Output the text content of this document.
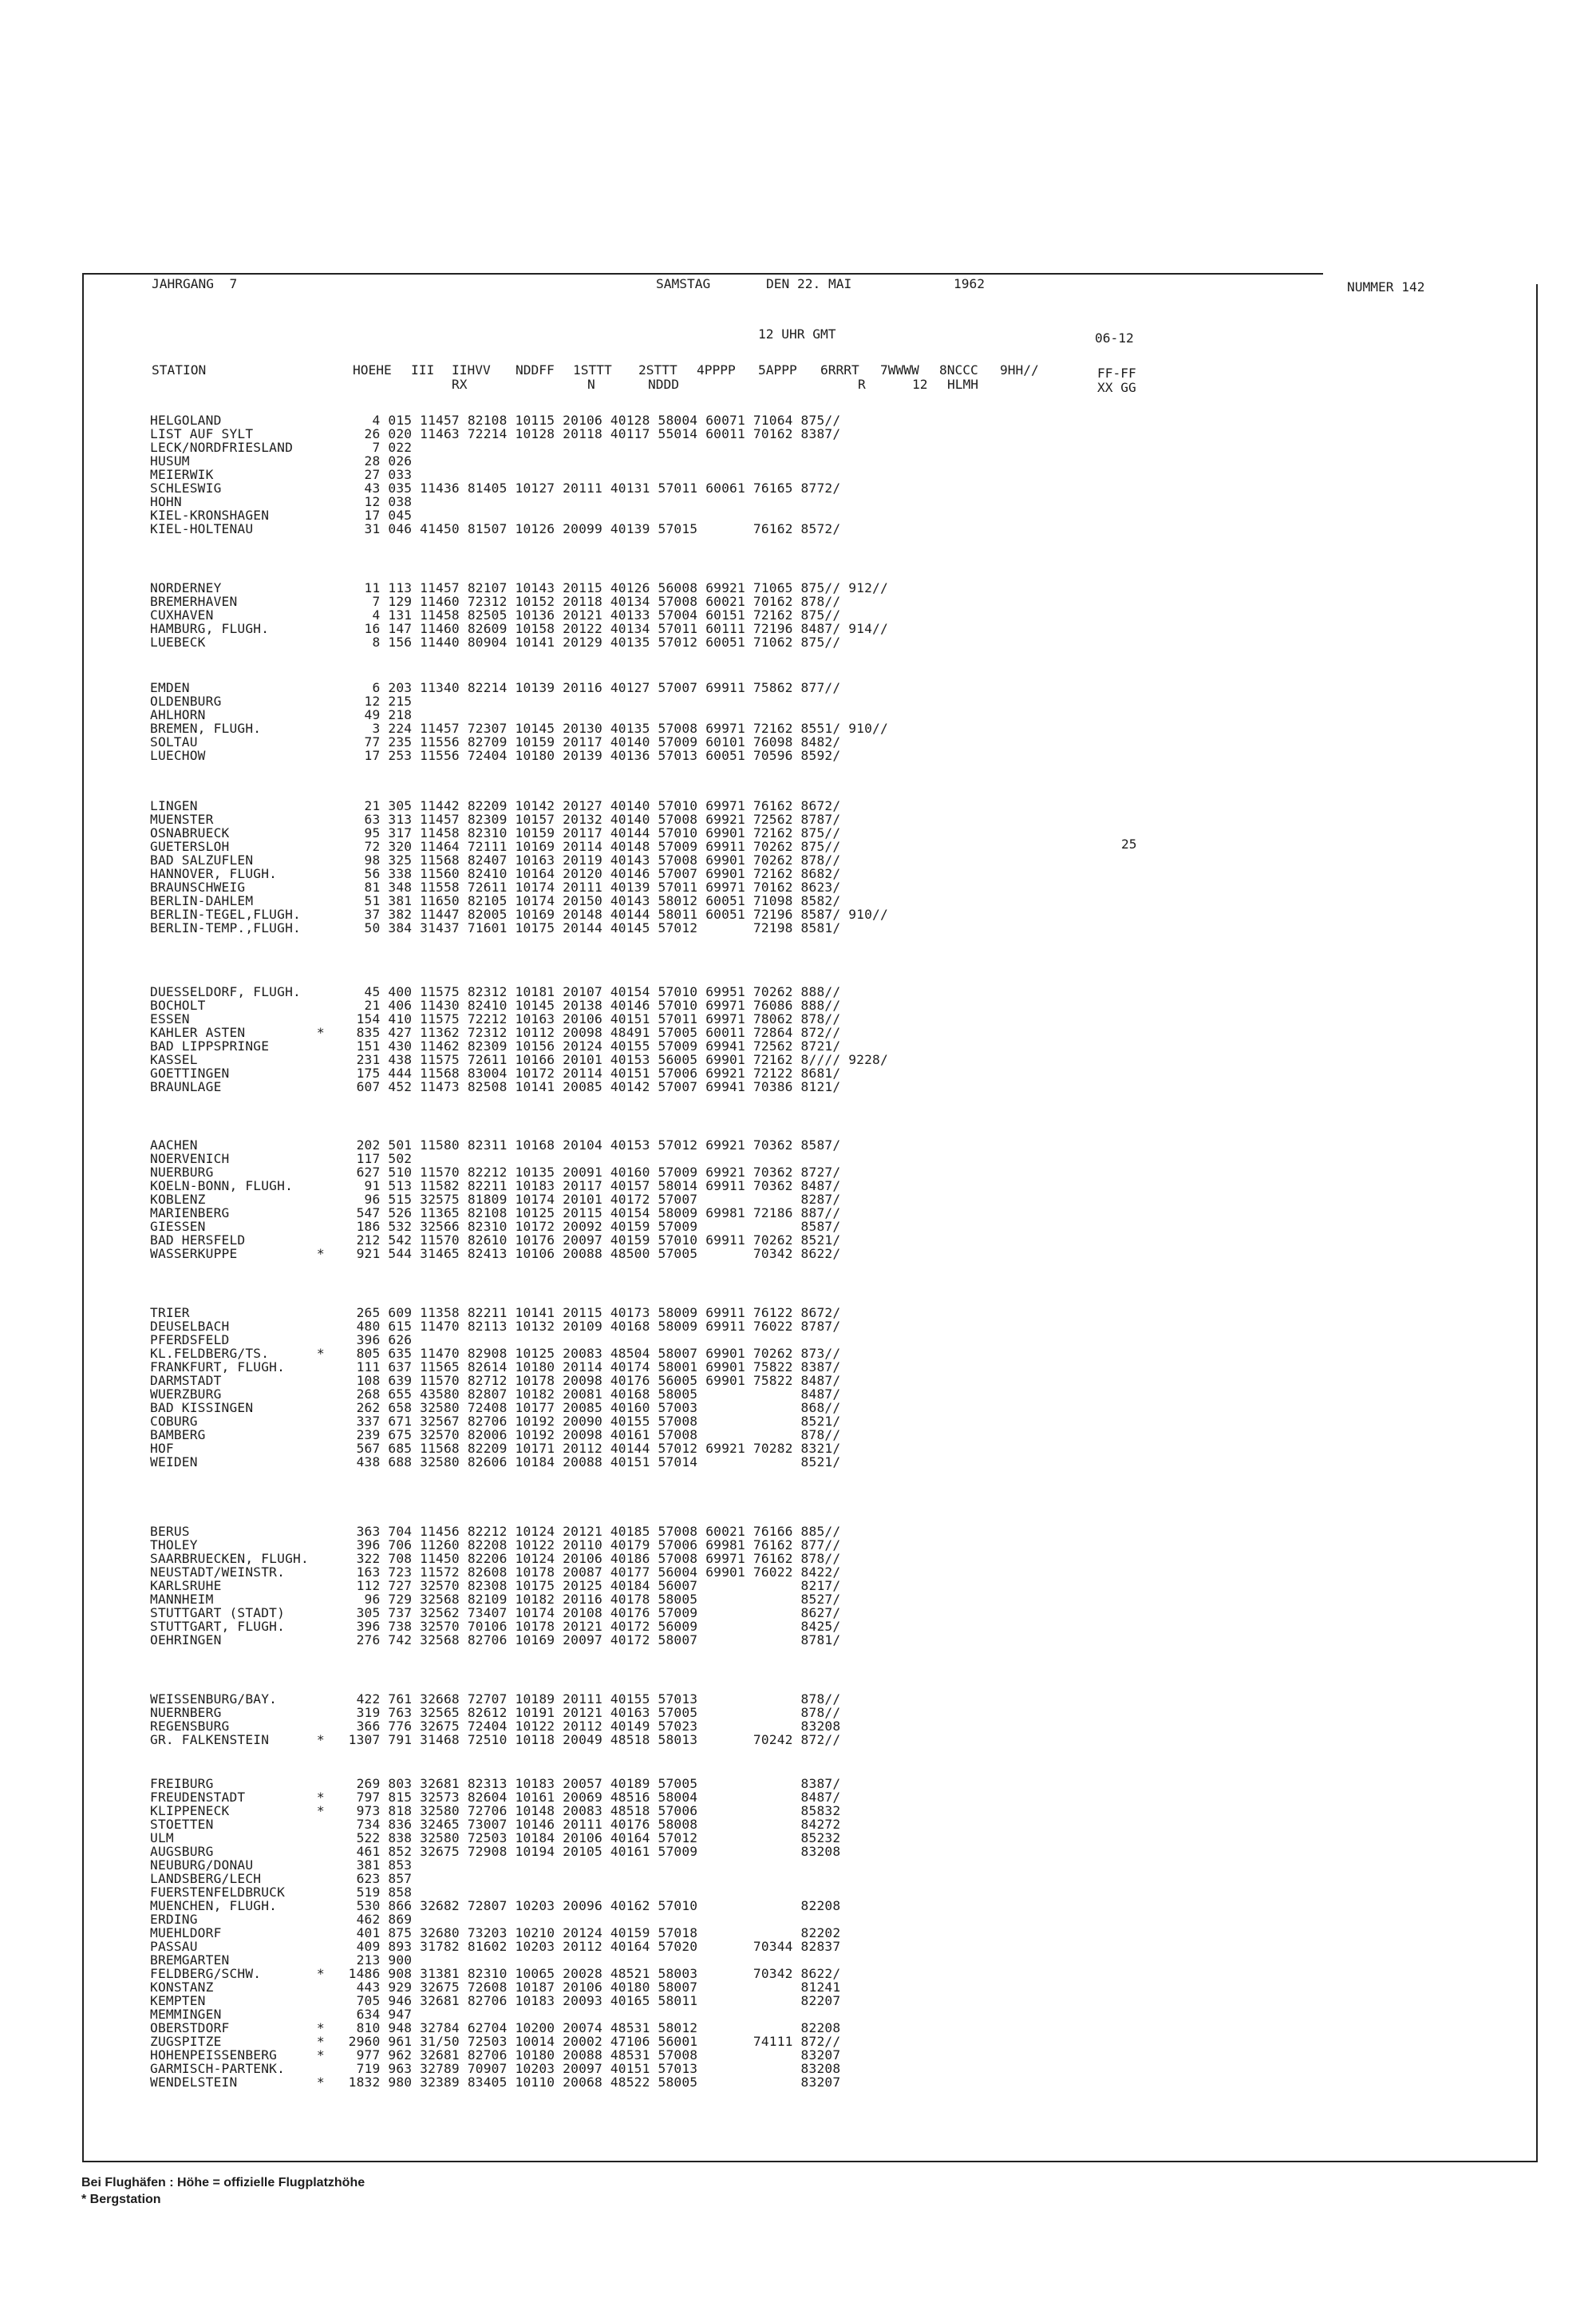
JAHRGANG  7	SAMSTAG	DEN 22. MAI	1962	NUMMER 142
12 UHR GMT	06-12
STATION	HOEHE III IIHVV NDDFF 1STTT 2STTT 4PPPP 5APPP 6RRRT 7WWWW 8NCCC 9HH//	FF-FF
RX	N	NDDD	R	12 HLMH	XX GG
HELGOLAND                   4 015 11457 82108 10115 20106 40128 58004 60071 71064 875//
LIST AUF SYLT              26 020 11463 72214 10128 20118 40117 55014 60011 70162 8387/
LECK/NORDFRIESLAND          7 022
HUSUM                      28 026
MEIERWIK                   27 033
SCHLESWIG                  43 035 11436 81405 10127 20111 40131 57011 60061 76165 8772/
HOHN                       12 038
KIEL-KRONSHAGEN            17 045
KIEL-HOLTENAU              31 046 41450 81507 10126 20099 40139 57015       76162 8572/
NORDERNEY                  11 113 11457 82107 10143 20115 40126 56008 69921 71065 875// 912//
BREMERHAVEN                 7 129 11460 72312 10152 20118 40134 57008 60021 70162 878//
CUXHAVEN                    4 131 11458 82505 10136 20121 40133 57004 60151 72162 875//
HAMBURG, FLUGH.            16 147 11460 82609 10158 20122 40134 57011 60111 72196 8487/ 914//
LUEBECK                     8 156 11440 80904 10141 20129 40135 57012 60051 71062 875//
EMDEN                       6 203 11340 82214 10139 20116 40127 57007 69911 75862 877//
OLDENBURG                  12 215
AHLHORN                    49 218
BREMEN, FLUGH.              3 224 11457 72307 10145 20130 40135 57008 69971 72162 8551/ 910//
SOLTAU                     77 235 11556 82709 10159 20117 40140 57009 60101 76098 8482/
LUECHOW                    17 253 11556 72404 10180 20139 40136 57013 60051 70596 8592/
LINGEN                     21 305 11442 82209 10142 20127 40140 57010 69971 76162 8672/
MUENSTER                   63 313 11457 82309 10157 20132 40140 57008 69921 72562 8787/
OSNABRUECK                 95 317 11458 82310 10159 20117 40144 57010 69901 72162 875//
GUETERSLOH                 72 320 11464 72111 10169 20114 40148 57009 69911 70262 875//
BAD SALZUFLEN              98 325 11568 82407 10163 20119 40143 57008 69901 70262 878//
HANNOVER, FLUGH.           56 338 11560 82410 10164 20120 40146 57007 69901 72162 8682/
BRAUNSCHWEIG               81 348 11558 72611 10174 20111 40139 57011 69971 70162 8623/
BERLIN-DAHLEM              51 381 11650 82105 10174 20150 40143 58012 60051 71098 8582/
BERLIN-TEGEL,FLUGH.        37 382 11447 82005 10169 20148 40144 58011 60051 72196 8587/ 910//
BERLIN-TEMP.,FLUGH.        50 384 31437 71601 10175 20144 40145 57012       72198 8581/
DUESSELDORF, FLUGH.        45 400 11575 82312 10181 20107 40154 57010 69951 70262 888//
BOCHOLT                    21 406 11430 82410 10145 20138 40146 57010 69971 76086 888//
ESSEN                     154 410 11575 72212 10163 20106 40151 57011 69971 78062 878//
KAHLER ASTEN         *    835 427 11362 72312 10112 20098 48491 57005 60011 72864 872//
BAD LIPPSPRINGE           151 430 11462 82309 10156 20124 40155 57009 69941 72562 8721/
KASSEL                    231 438 11575 72611 10166 20101 40153 56005 69901 72162 8//// 9228/
GOETTINGEN                175 444 11568 83004 10172 20114 40151 57006 69921 72122 8681/
BRAUNLAGE                 607 452 11473 82508 10141 20085 40142 57007 69941 70386 8121/
AACHEN                    202 501 11580 82311 10168 20104 40153 57012 69921 70362 8587/
NOERVENICH                117 502
NUERBURG                  627 510 11570 82212 10135 20091 40160 57009 69921 70362 8727/
KOELN-BONN, FLUGH.         91 513 11582 82211 10183 20117 40157 58014 69911 70362 8487/
KOBLENZ                    96 515 32575 81809 10174 20101 40172 57007             8287/
MARIENBERG                547 526 11365 82108 10125 20115 40154 58009 69981 72186 887//
GIESSEN                   186 532 32566 82310 10172 20092 40159 57009             8587/
BAD HERSFELD              212 542 11570 82610 10176 20097 40159 57010 69911 70262 8521/
WASSERKUPPE          *    921 544 31465 82413 10106 20088 48500 57005       70342 8622/
TRIER                     265 609 11358 82211 10141 20115 40173 58009 69911 76122 8672/
DEUSELBACH                480 615 11470 82113 10132 20109 40168 58009 69911 76022 8787/
PFERDSFELD                396 626
KL.FELDBERG/TS.      *    805 635 11470 82908 10125 20083 48504 58007 69901 70262 873//
FRANKFURT, FLUGH.         111 637 11565 82614 10180 20114 40174 58001 69901 75822 8387/
DARMSTADT                 108 639 11570 82712 10178 20098 40176 56005 69901 75822 8487/
WUERZBURG                 268 655 43580 82807 10182 20081 40168 58005             8487/
BAD KISSINGEN             262 658 32580 72408 10177 20085 40160 57003             868//
COBURG                    337 671 32567 82706 10192 20090 40155 57008             8521/
BAMBERG                   239 675 32570 82006 10192 20098 40161 57008             878//
HOF                       567 685 11568 82209 10171 20112 40144 57012 69921 70282 8321/
WEIDEN                    438 688 32580 82606 10184 20088 40151 57014             8521/
BERUS                     363 704 11456 82212 10124 20121 40185 57008 60021 76166 885//
THOLEY                    396 706 11260 82208 10122 20110 40179 57006 69981 76162 877//
SAARBRUECKEN, FLUGH.      322 708 11450 82206 10124 20106 40186 57008 69971 76162 878//
NEUSTADT/WEINSTR.         163 723 11572 82608 10178 20087 40177 56004 69901 76022 8422/
KARLSRUHE                 112 727 32570 82308 10175 20125 40184 56007             8217/
MANNHEIM                   96 729 32568 82109 10182 20116 40178 58005             8527/
STUTTGART (STADT)         305 737 32562 73407 10174 20108 40176 57009             8627/
STUTTGART, FLUGH.         396 738 32570 70106 10178 20121 40172 56009             8425/
OEHRINGEN                 276 742 32568 82706 10169 20097 40172 58007             8781/
WEISSENBURG/BAY.          422 761 32668 72707 10189 20111 40155 57013             878//
NUERNBERG                 319 763 32565 82612 10191 20121 40163 57005             878//
REGENSBURG                366 776 32675 72404 10122 20112 40149 57023             83208
GR. FALKENSTEIN      *   1307 791 31468 72510 10118 20049 48518 58013       70242 872//
FREIBURG                  269 803 32681 82313 10183 20057 40189 57005             8387/
FREUDENSTADT         *    797 815 32573 82604 10161 20069 48516 58004             8487/
KLIPPENECK           *    973 818 32580 72706 10148 20083 48518 57006             85832
STOETTEN                  734 836 32465 73007 10146 20111 40176 58008             84272
ULM                       522 838 32580 72503 10184 20106 40164 57012             85232
AUGSBURG                  461 852 32675 72908 10194 20105 40161 57009             83208
NEUBURG/DONAU             381 853
LANDSBERG/LECH            623 857
FUERSTENFELDBRUCK         519 858
MUENCHEN, FLUGH.          530 866 32682 72807 10203 20096 40162 57010             82208
ERDING                    462 869
MUEHLDORF                 401 875 32680 73203 10210 20124 40159 57018             82202
PASSAU                    409 893 31782 81602 10203 20112 40164 57020       70344 82837
BREMGARTEN                213 900
FELDBERG/SCHW.       *   1486 908 31381 82310 10065 20028 48521 58003       70342 8622/
KONSTANZ                  443 929 32675 72608 10187 20106 40180 58007             81241
KEMPTEN                   705 946 32681 82706 10183 20093 40165 58011             82207
MEMMINGEN                 634 947
OBERSTDORF           *    810 948 32784 62704 10200 20074 48531 58012             82208
ZUGSPITZE            *   2960 961 31/50 72503 10014 20002 47106 56001       74111 872//
HOHENPEISSENBERG     *    977 962 32681 82706 10180 20088 48531 57008             83207
GARMISCH-PARTENK.         719 963 32789 70907 10203 20097 40151 57013             83208
WENDELSTEIN          *   1832 980 32389 83405 10110 20068 48522 58005             83207
25
Bei Flughäfen : Höhe = offizielle Flugplatzhöhe
* Bergstation
